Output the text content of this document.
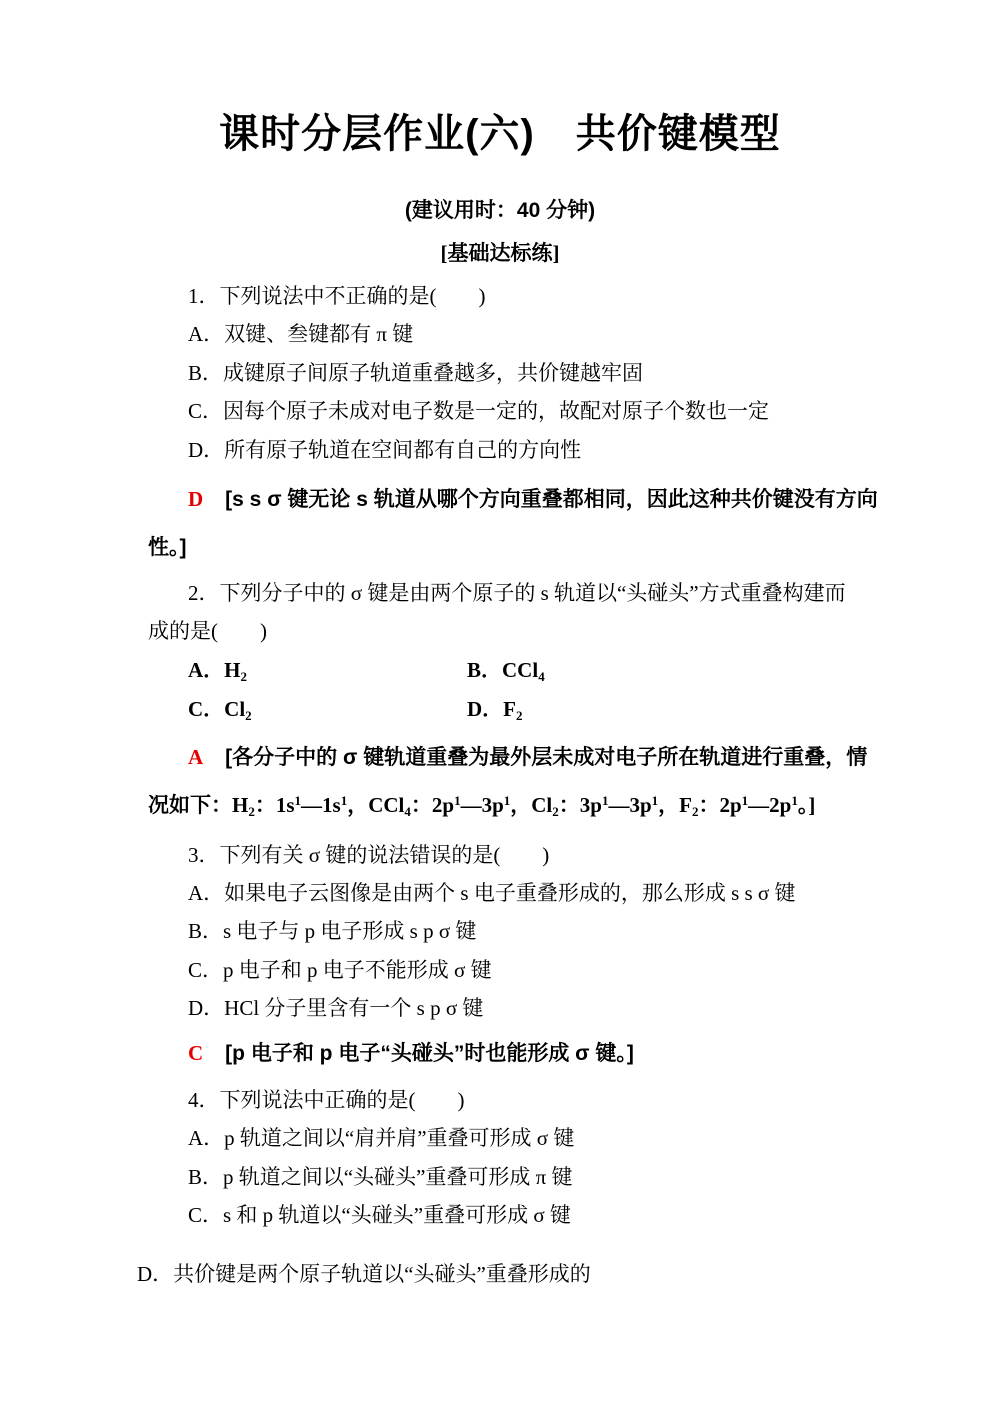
课时分层作业(六)　共价键模型
(建议用时：40 分钟)
[基础达标练]
1．下列说法中不正确的是(　　)
A．双键、叁键都有 π 键
B．成键原子间原子轨道重叠越多，共价键越牢固
C．因每个原子未成对电子数是一定的，故配对原子个数也一定
D．所有原子轨道在空间都有自己的方向性
D [s s σ 键无论 s 轨道从哪个方向重叠都相同，因此这种共价键没有方向
性。]
2．下列分子中的 σ 键是由两个原子的 s 轨道以“头碰头”方式重叠构建而
成的是(　　)
A．$H_2$	B．CCl$_4$
C．$Cl_2$	D．$F_2$
A [各分子中的 σ 键轨道重叠为最外层未成对电子所在轨道进行重叠，情
况如下：$H_2$：$1s^1—1s^1$，CCl$_4$：$2p^1—3p^1$，$Cl_2$：$3p^1—3p^1$，$F_2$：$2p^1—2p^1$。]
3．下列有关 σ 键的说法错误的是(　　)
A．如果电子云图像是由两个 s 电子重叠形成的，那么形成 s s σ 键
B．s 电子与 p 电子形成 s p σ 键
C．p 电子和 p 电子不能形成 σ 键
D．HCl 分子里含有一个 s p σ 键
C [p 电子和 p 电子“头碰头”时也能形成 σ 键。]
4．下列说法中正确的是(　　)
A．p 轨道之间以“肩并肩”重叠可形成 σ 键
B．p 轨道之间以“头碰头”重叠可形成 π 键
C．s 和 p 轨道以“头碰头”重叠可形成 σ 键
D．共价键是两个原子轨道以“头碰头”重叠形成的
